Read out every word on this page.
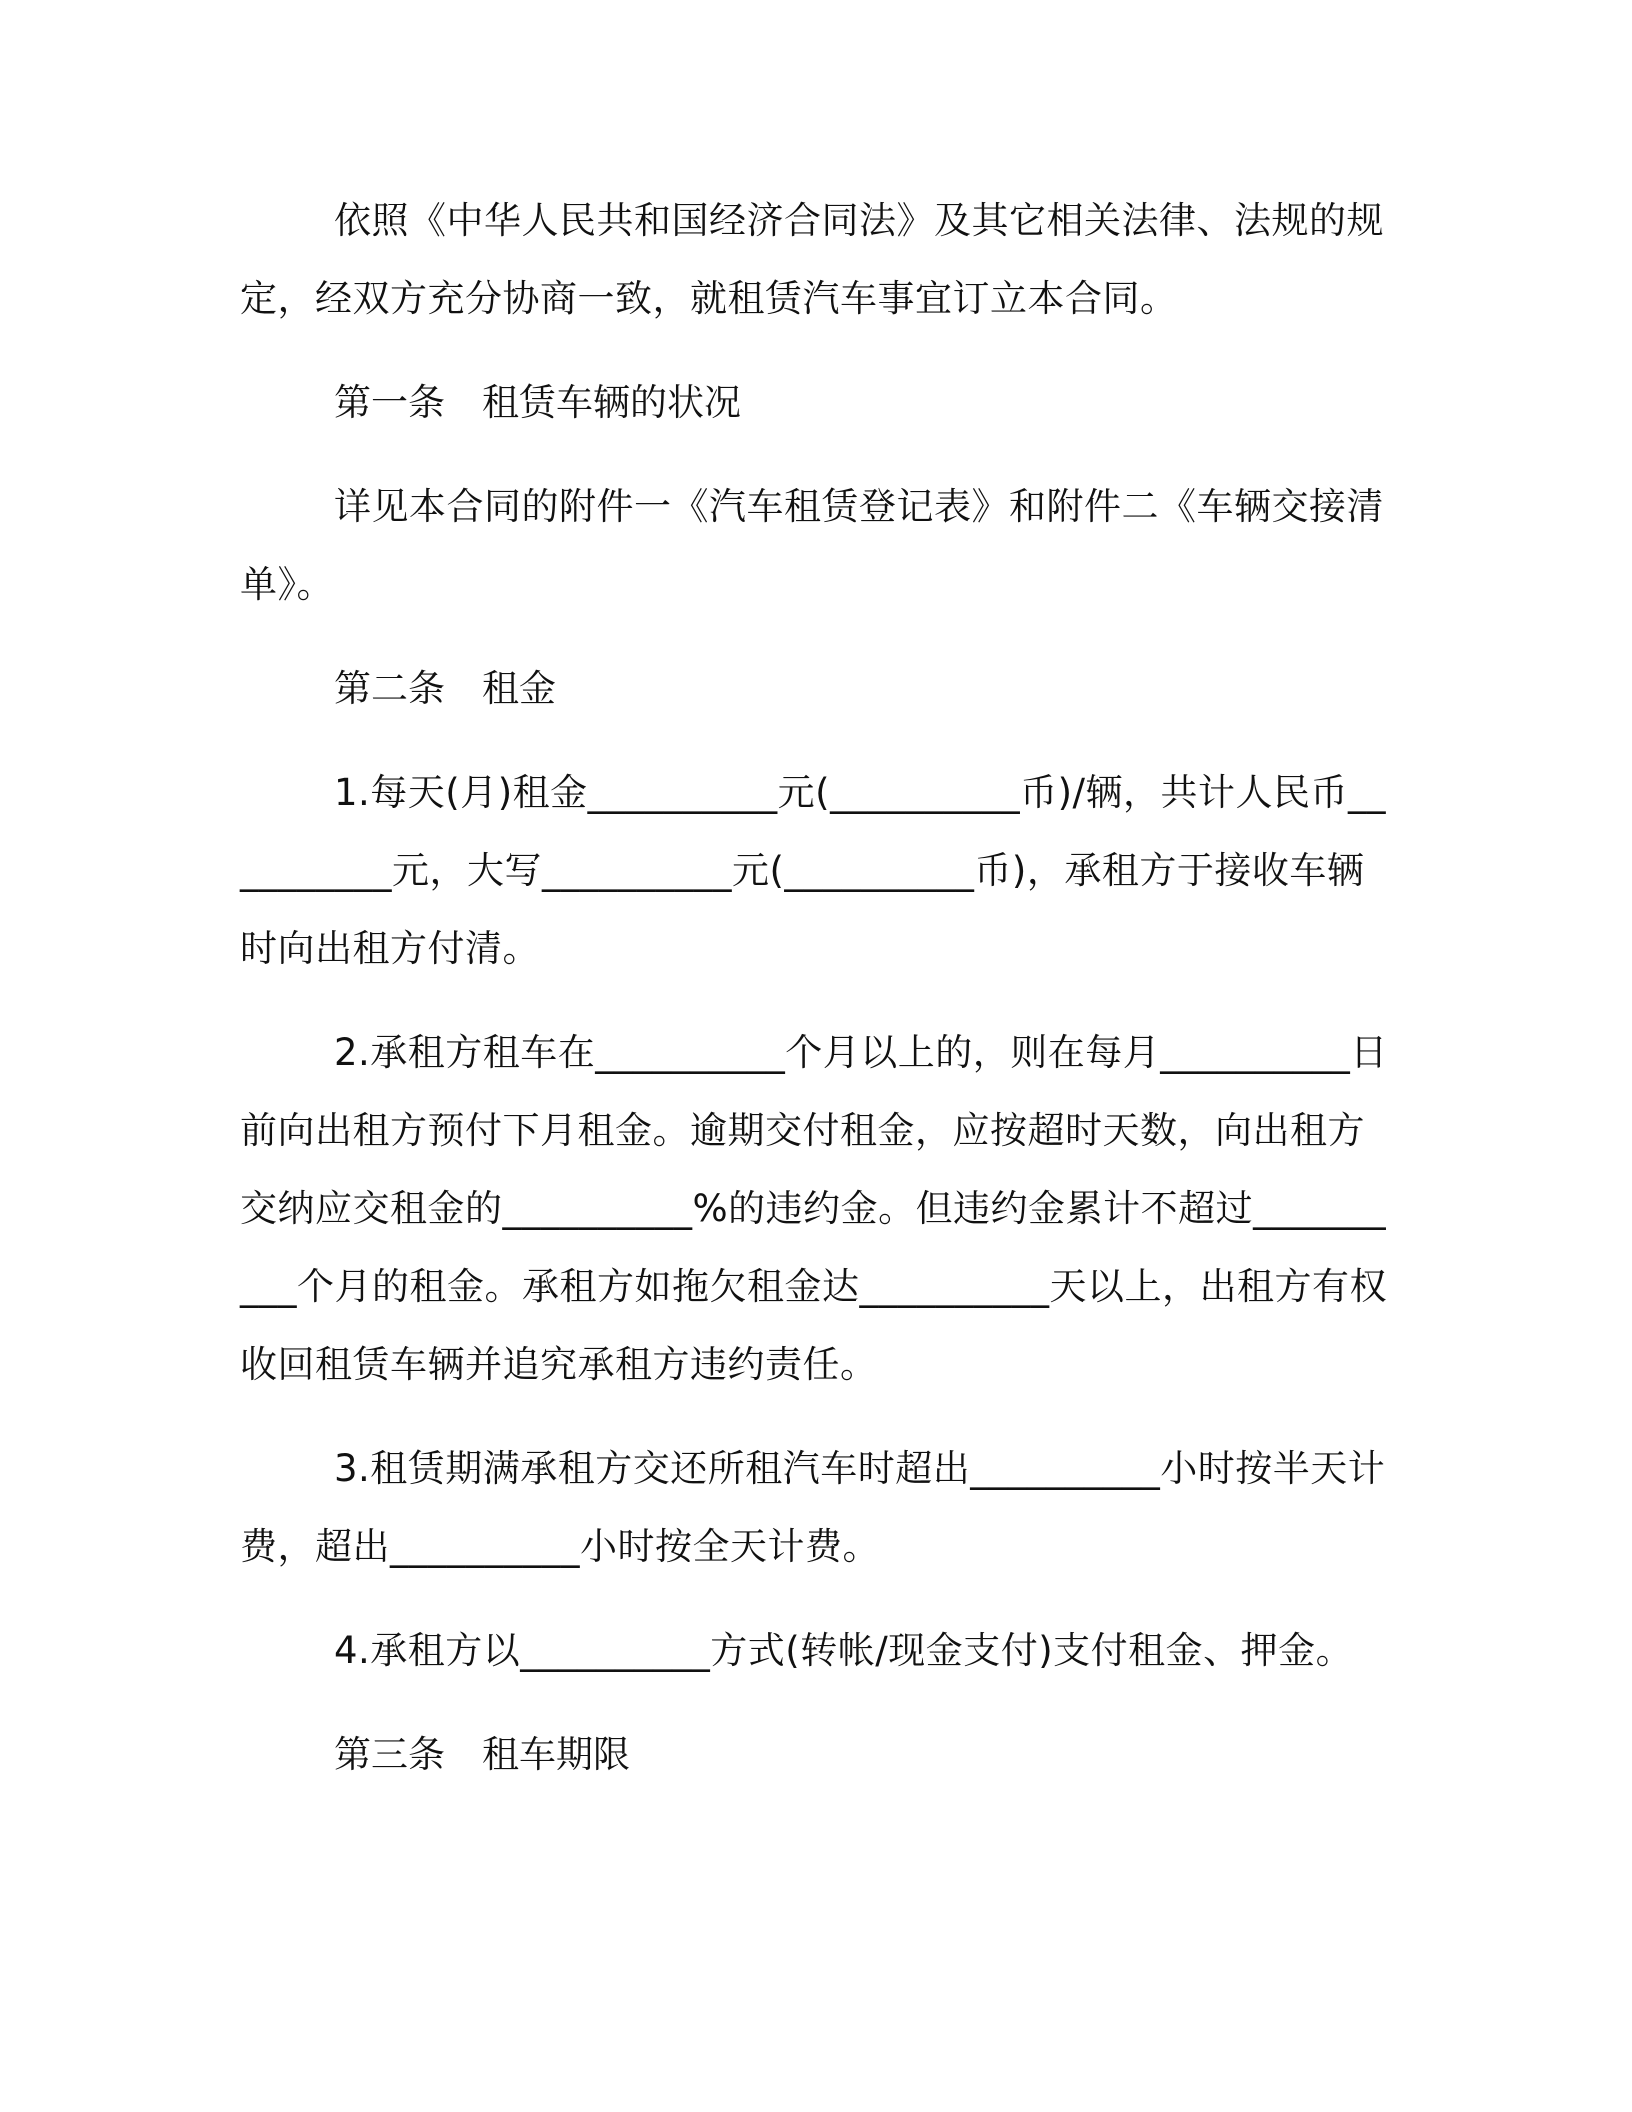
依照《中华人民共和国经济合同法》及其它相关法律、法规的规定，经双方充分协商一致，就租赁汽车事宜订立本合同。

第一条　租赁车辆的状况

详见本合同的附件一《汽车租赁登记表》和附件二《车辆交接清单》。

第二条　租金

1.每天(月)租金__________元(__________币)/辆，共计人民币__________元，大写__________元(__________币)，承租方于接收车辆时向出租方付清。

2.承租方租车在__________个月以上的，则在每月__________日前向出租方预付下月租金。逾期交付租金，应按超时天数，向出租方交纳应交租金的__________%的违约金。但违约金累计不超过__________个月的租金。承租方如拖欠租金达__________天以上，出租方有权收回租赁车辆并追究承租方违约责任。

3.租赁期满承租方交还所租汽车时超出__________小时按半天计费，超出__________小时按全天计费。

4.承租方以__________方式(转帐/现金支付)支付租金、押金。

第三条　租车期限
